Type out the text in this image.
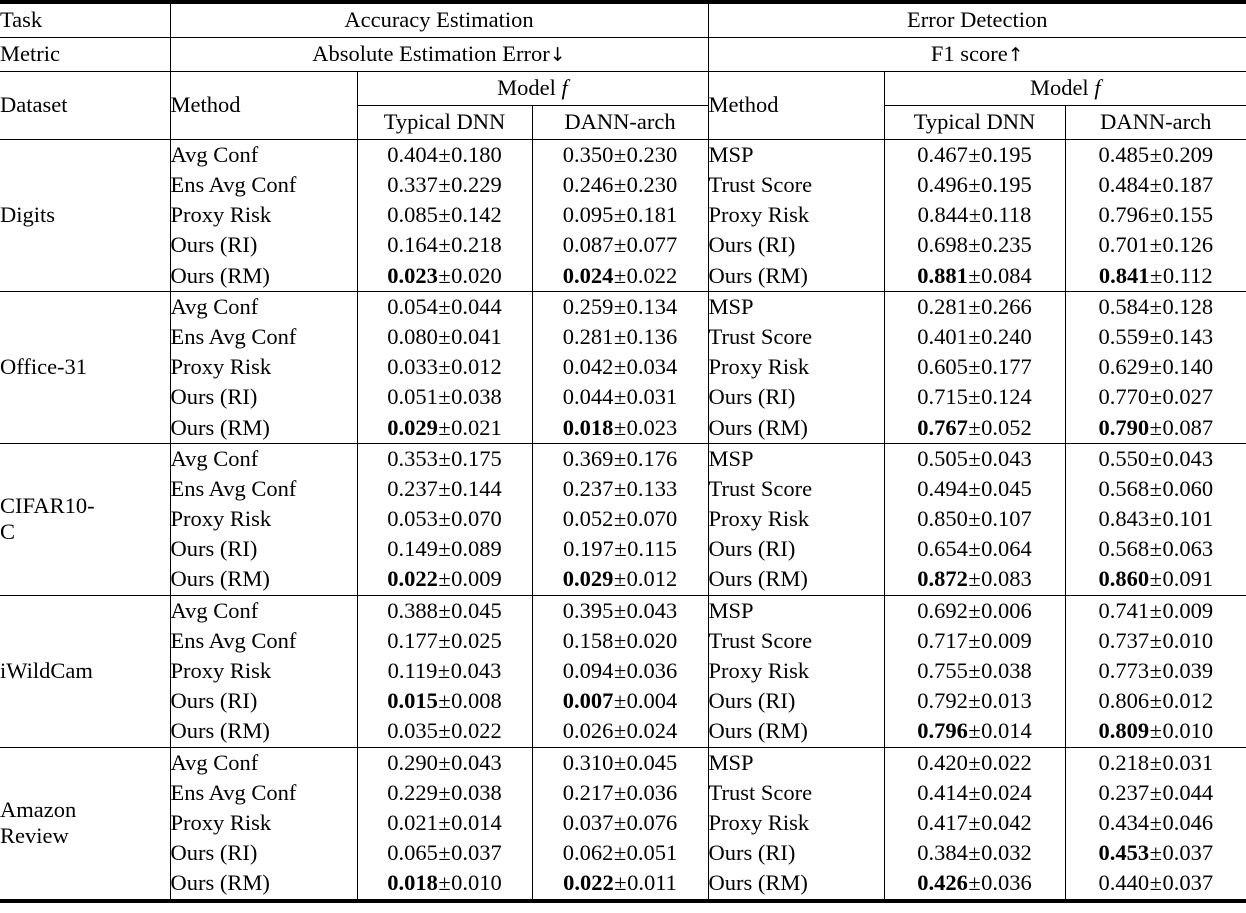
Task	Accuracy Estimation			Error Detection		
Metric	Absolute Estimation Error↓			F1 score↑		
Dataset	Method	Model f		Method	Model f	
		Typical DNN	DANN-arch		Typical DNN	DANN-arch
Digits	Avg Conf	0.404±0.180	0.350±0.230	MSP	0.467±0.195	0.485±0.209
	Ens Avg Conf	0.337±0.229	0.246±0.230	Trust Score	0.496±0.195	0.484±0.187
	Proxy Risk	0.085±0.142	0.095±0.181	Proxy Risk	0.844±0.118	0.796±0.155
	Ours (RI)	0.164±0.218	0.087±0.077	Ours (RI)	0.698±0.235	0.701±0.126
	Ours (RM)	0.023±0.020	0.024±0.022	Ours (RM)	0.881±0.084	0.841±0.112
Office-31	Avg Conf	0.054±0.044	0.259±0.134	MSP	0.281±0.266	0.584±0.128
	Ens Avg Conf	0.080±0.041	0.281±0.136	Trust Score	0.401±0.240	0.559±0.143
	Proxy Risk	0.033±0.012	0.042±0.034	Proxy Risk	0.605±0.177	0.629±0.140
	Ours (RI)	0.051±0.038	0.044±0.031	Ours (RI)	0.715±0.124	0.770±0.027
	Ours (RM)	0.029±0.021	0.018±0.023	Ours (RM)	0.767±0.052	0.790±0.087
CIFAR10-
C	Avg Conf	0.353±0.175	0.369±0.176	MSP	0.505±0.043	0.550±0.043
	Ens Avg Conf	0.237±0.144	0.237±0.133	Trust Score	0.494±0.045	0.568±0.060
	Proxy Risk	0.053±0.070	0.052±0.070	Proxy Risk	0.850±0.107	0.843±0.101
	Ours (RI)	0.149±0.089	0.197±0.115	Ours (RI)	0.654±0.064	0.568±0.063
	Ours (RM)	0.022±0.009	0.029±0.012	Ours (RM)	0.872±0.083	0.860±0.091
iWildCam	Avg Conf	0.388±0.045	0.395±0.043	MSP	0.692±0.006	0.741±0.009
	Ens Avg Conf	0.177±0.025	0.158±0.020	Trust Score	0.717±0.009	0.737±0.010
	Proxy Risk	0.119±0.043	0.094±0.036	Proxy Risk	0.755±0.038	0.773±0.039
	Ours (RI)	0.015±0.008	0.007±0.004	Ours (RI)	0.792±0.013	0.806±0.012
	Ours (RM)	0.035±0.022	0.026±0.024	Ours (RM)	0.796±0.014	0.809±0.010
Amazon
Review	Avg Conf	0.290±0.043	0.310±0.045	MSP	0.420±0.022	0.218±0.031
	Ens Avg Conf	0.229±0.038	0.217±0.036	Trust Score	0.414±0.024	0.237±0.044
	Proxy Risk	0.021±0.014	0.037±0.076	Proxy Risk	0.417±0.042	0.434±0.046
	Ours (RI)	0.065±0.037	0.062±0.051	Ours (RI)	0.384±0.032	0.453±0.037
	Ours (RM)	0.018±0.010	0.022±0.011	Ours (RM)	0.426±0.036	0.440±0.037
